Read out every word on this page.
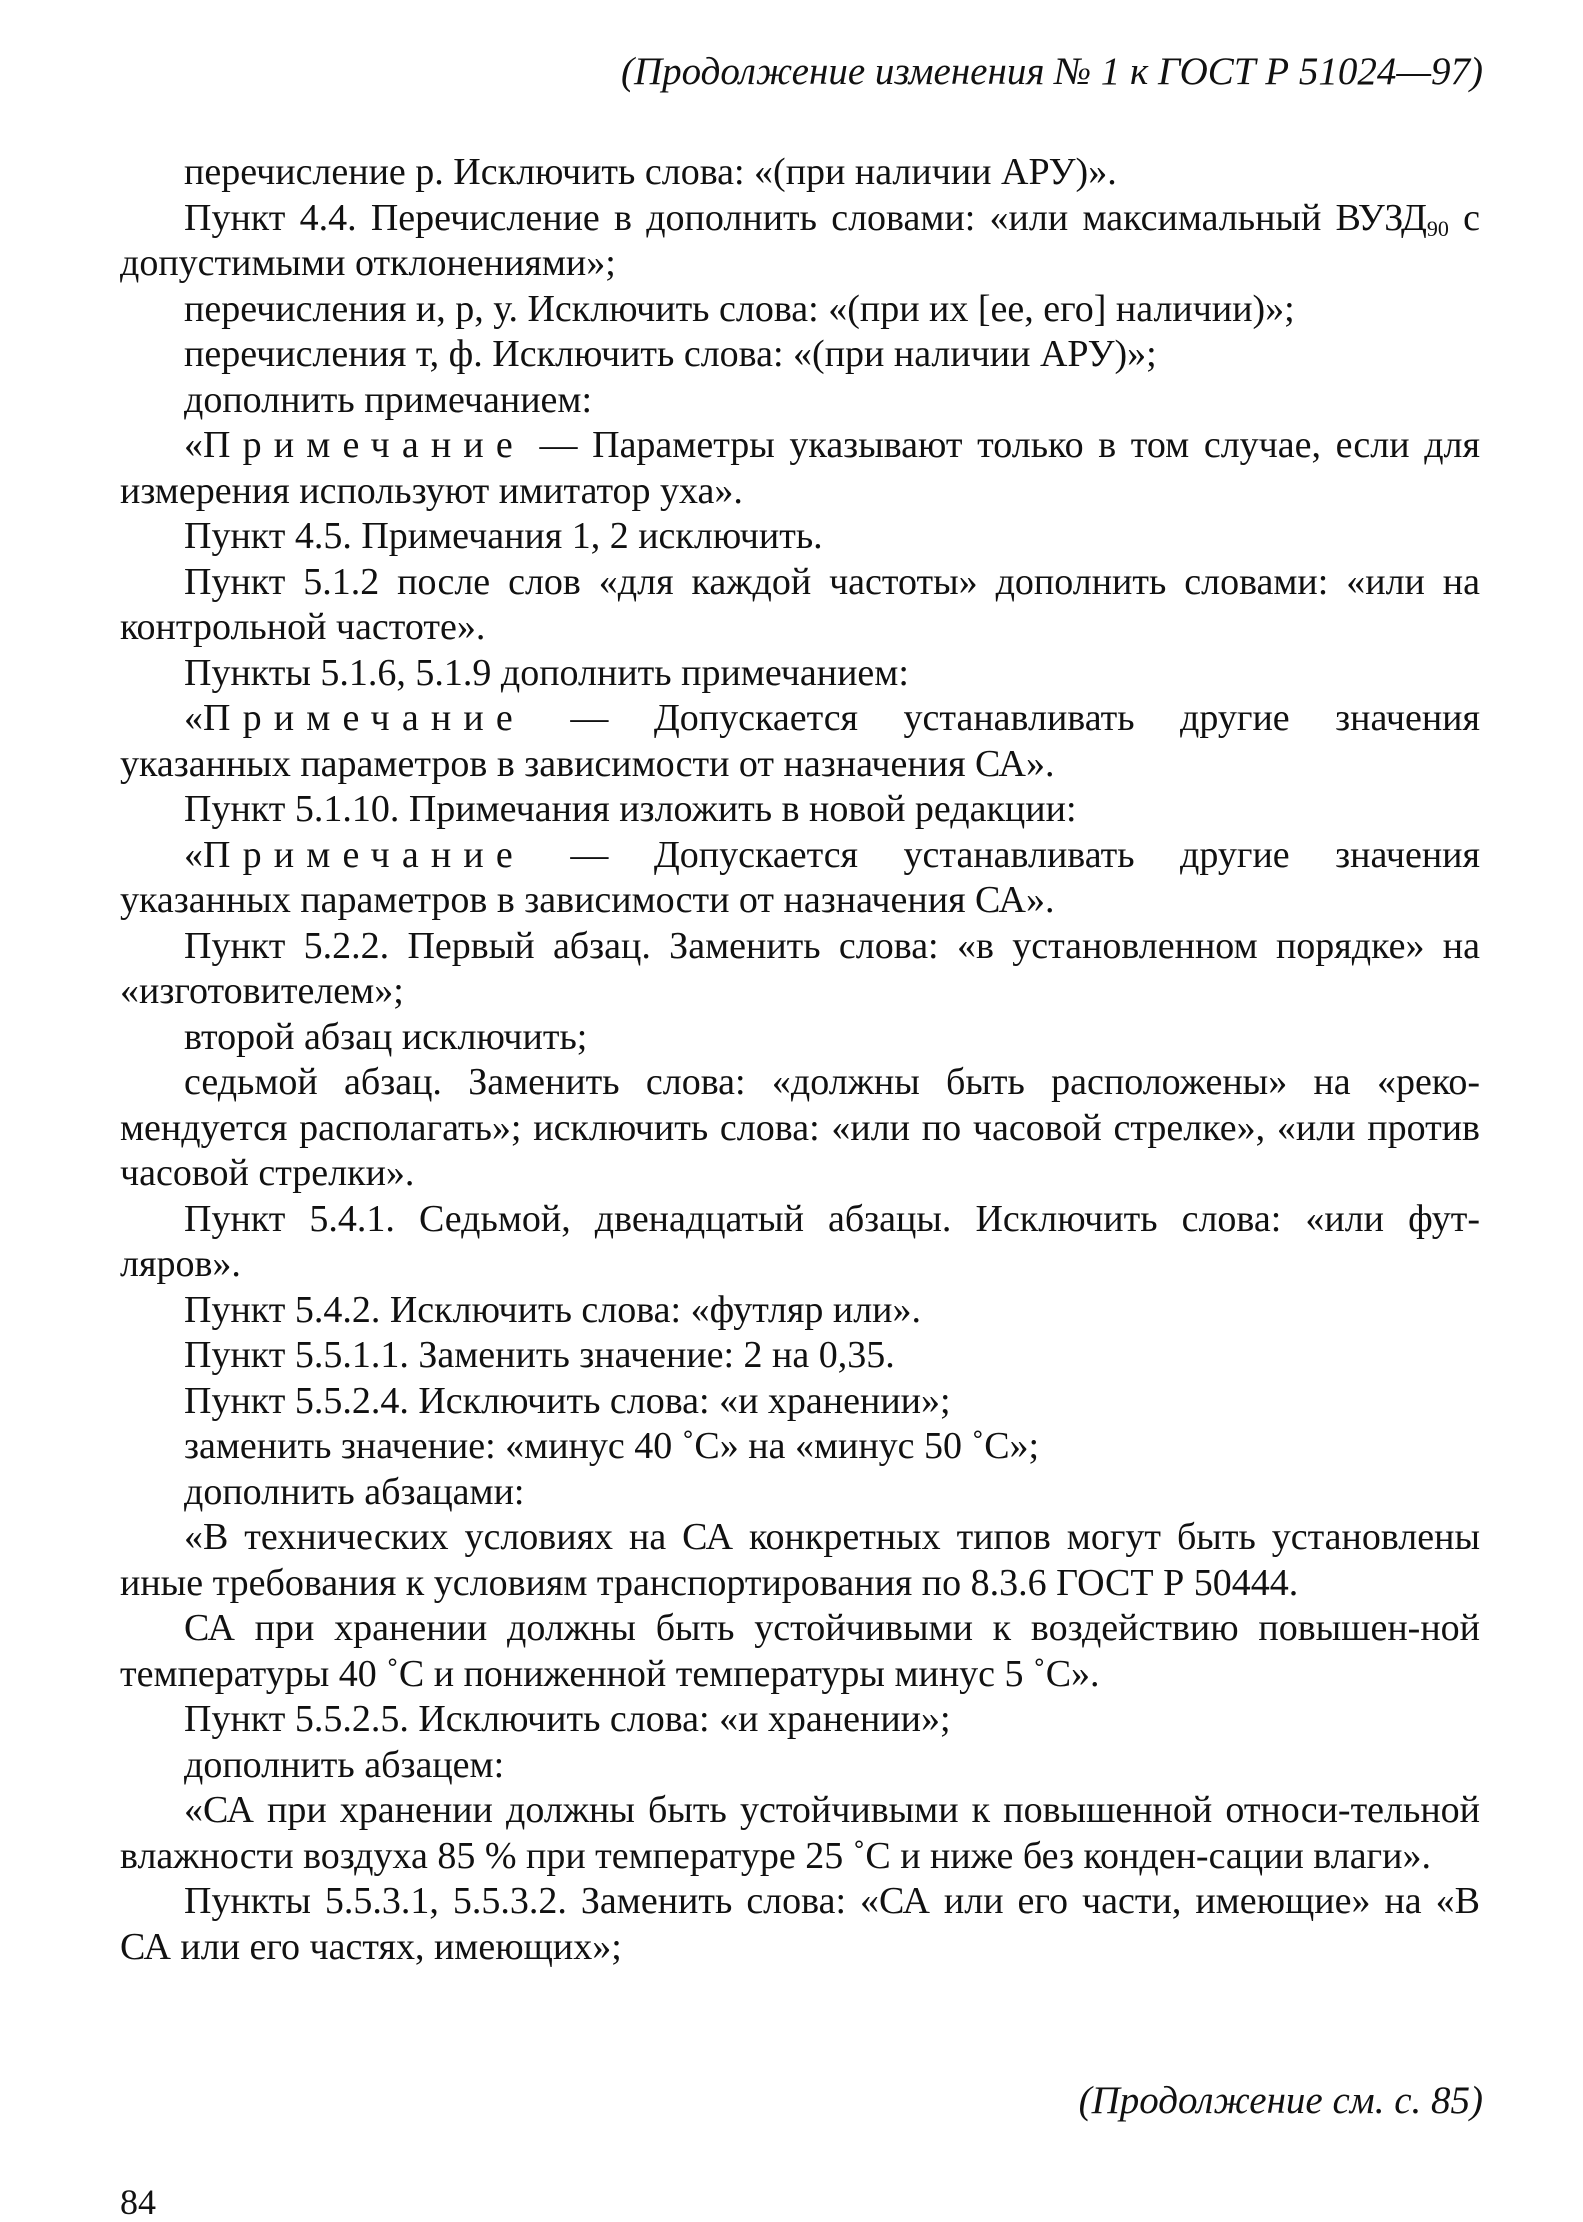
(Продолжение изменения № 1 к ГОСТ Р 51024—97)

перечисление р. Исключить слова: «(при наличии АРУ)».

Пункт 4.4. Перечисление в дополнить словами: «или максимальный $ВУЗД_{90}$ с допустимыми отклонениями»;

перечисления и, р, у. Исключить слова: «(при их [ее, его] наличии)»;

перечисления т, ф. Исключить слова: «(при наличии АРУ)»;

дополнить примечанием:

«Примечание — Параметры указывают только в том случае, если для измерения используют имитатор уха».

Пункт 4.5. Примечания 1, 2 исключить.

Пункт 5.1.2 после слов «для каждой частоты» дополнить словами: «или на контрольной частоте».

Пункты 5.1.6, 5.1.9 дополнить примечанием:

«Примечание — Допускается устанавливать другие значения указанных параметров в зависимости от назначения СА».

Пункт 5.1.10. Примечания изложить в новой редакции:

«Примечание — Допускается устанавливать другие значения указанных параметров в зависимости от назначения СА».

Пункт 5.2.2. Первый абзац. Заменить слова: «в установленном порядке» на «изготовителем»;

второй абзац исключить;

седьмой абзац. Заменить слова: «должны быть расположены» на «реко-мендуется располагать»; исключить слова: «или по часовой стрелке», «или против часовой стрелки».

Пункт 5.4.1. Седьмой, двенадцатый абзацы. Исключить слова: «или фут-ляров».

Пункт 5.4.2. Исключить слова: «футляр или».

Пункт 5.5.1.1. Заменить значение: 2 на 0,35.

Пункт 5.5.2.4. Исключить слова: «и хранении»;

заменить значение: «минус 40 ˚С» на «минус 50 ˚С»;

дополнить абзацами:

«В технических условиях на СА конкретных типов могут быть установлены иные требования к условиям транспортирования по 8.3.6 ГОСТ Р 50444.

СА при хранении должны быть устойчивыми к воздействию повышен-ной температуры 40 ˚С и пониженной температуры минус 5 ˚С».

Пункт 5.5.2.5. Исключить слова: «и хранении»;

дополнить абзацем:

«СА при хранении должны быть устойчивыми к повышенной относи-тельной влажности воздуха 85 % при температуре 25 ˚С и ниже без конден-сации влаги».

Пункты 5.5.3.1, 5.5.3.2. Заменить слова: «СА или его части, имеющие» на «В СА или его частях, имеющих»;

(Продолжение см. с. 85)
84
